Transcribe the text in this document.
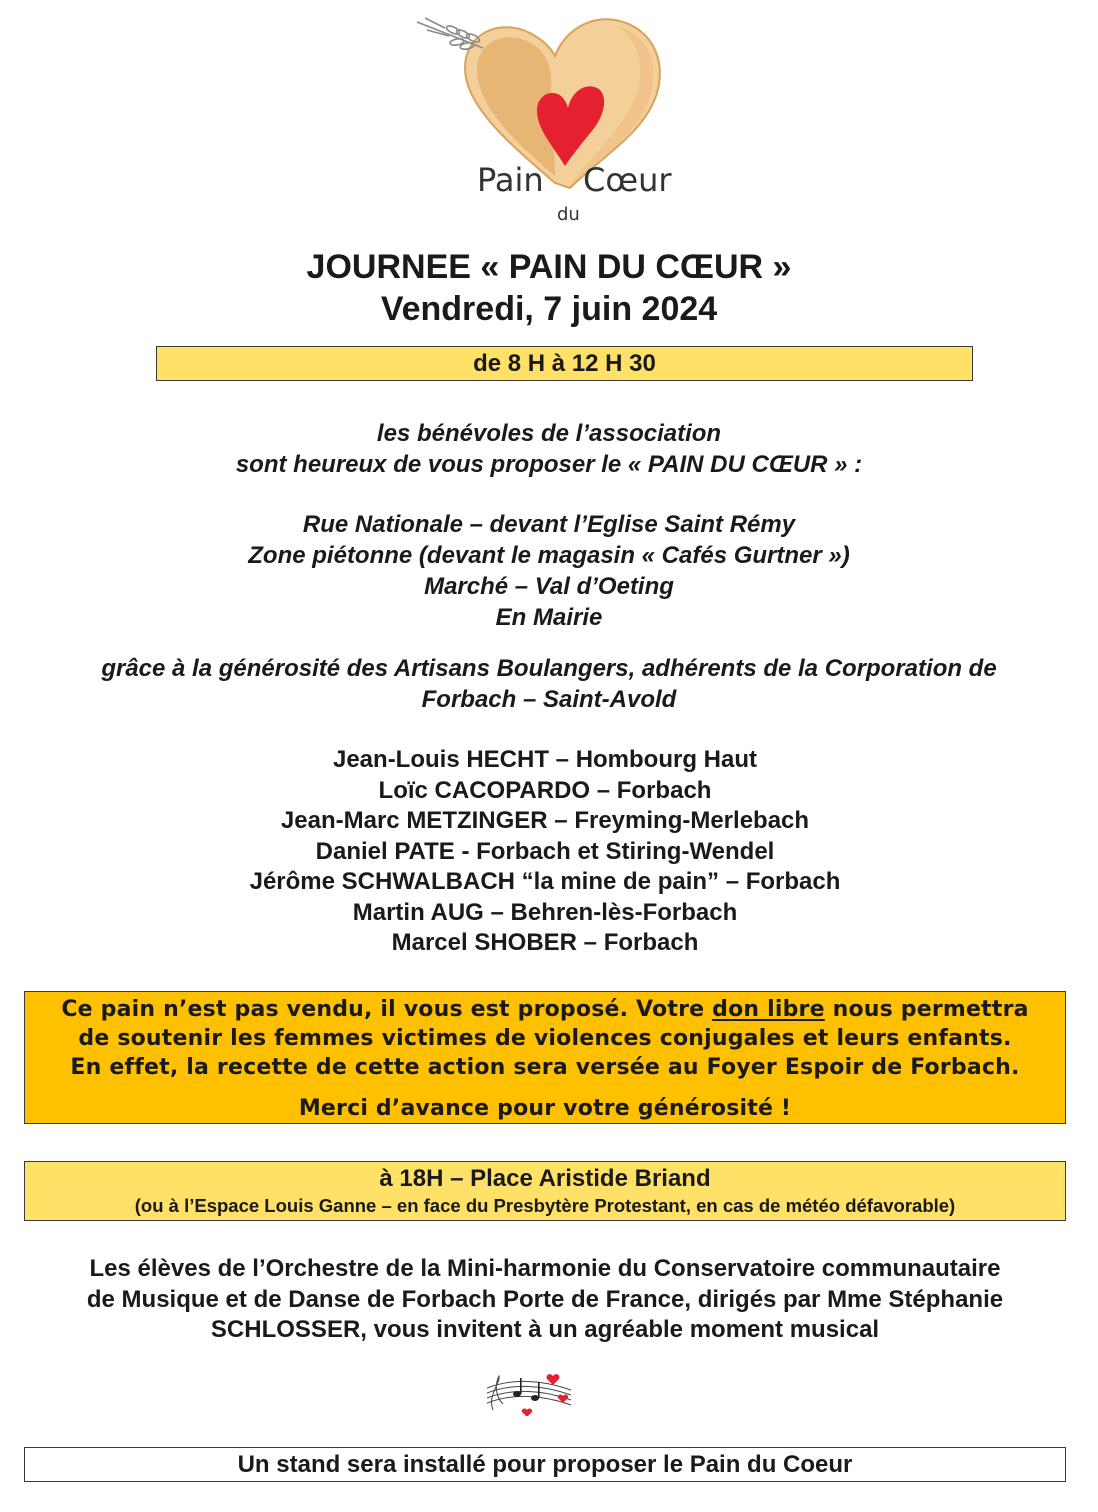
Pain Cœur
du
JOURNEE « PAIN DU CŒUR »
Vendredi, 7 juin 2024
de 8 H à 12 H 30
les bénévoles de l’association
sont heureux de vous proposer le « PAIN DU CŒUR » :
Rue Nationale – devant l’Eglise Saint Rémy
Zone piétonne (devant le magasin « Cafés Gurtner »)
Marché – Val d’Oeting
En Mairie
grâce à la générosité des Artisans Boulangers, adhérents de la Corporation de
Forbach – Saint-Avold
Jean-Louis HECHT – Hombourg Haut
Loïc CACOPARDO – Forbach
Jean-Marc METZINGER – Freyming-Merlebach
Daniel PATE - Forbach et Stiring-Wendel
Jérôme SCHWALBACH “la mine de pain” – Forbach
Martin AUG – Behren-lès-Forbach
Marcel SHOBER – Forbach
Ce pain n’est pas vendu, il vous est proposé. Votre don libre nous permettra
de soutenir les femmes victimes de violences conjugales et leurs enfants.
En effet, la recette de cette action sera versée au Foyer Espoir de Forbach.
Merci d’avance pour votre générosité !
à 18H – Place Aristide Briand
(ou à l’Espace Louis Ganne – en face du Presbytère Protestant, en cas de météo défavorable)
Les élèves de l’Orchestre de la Mini-harmonie du Conservatoire communautaire
de Musique et de Danse de Forbach Porte de France, dirigés par Mme Stéphanie
SCHLOSSER, vous invitent à un agréable moment musical
Un stand sera installé pour proposer le Pain du Coeur
